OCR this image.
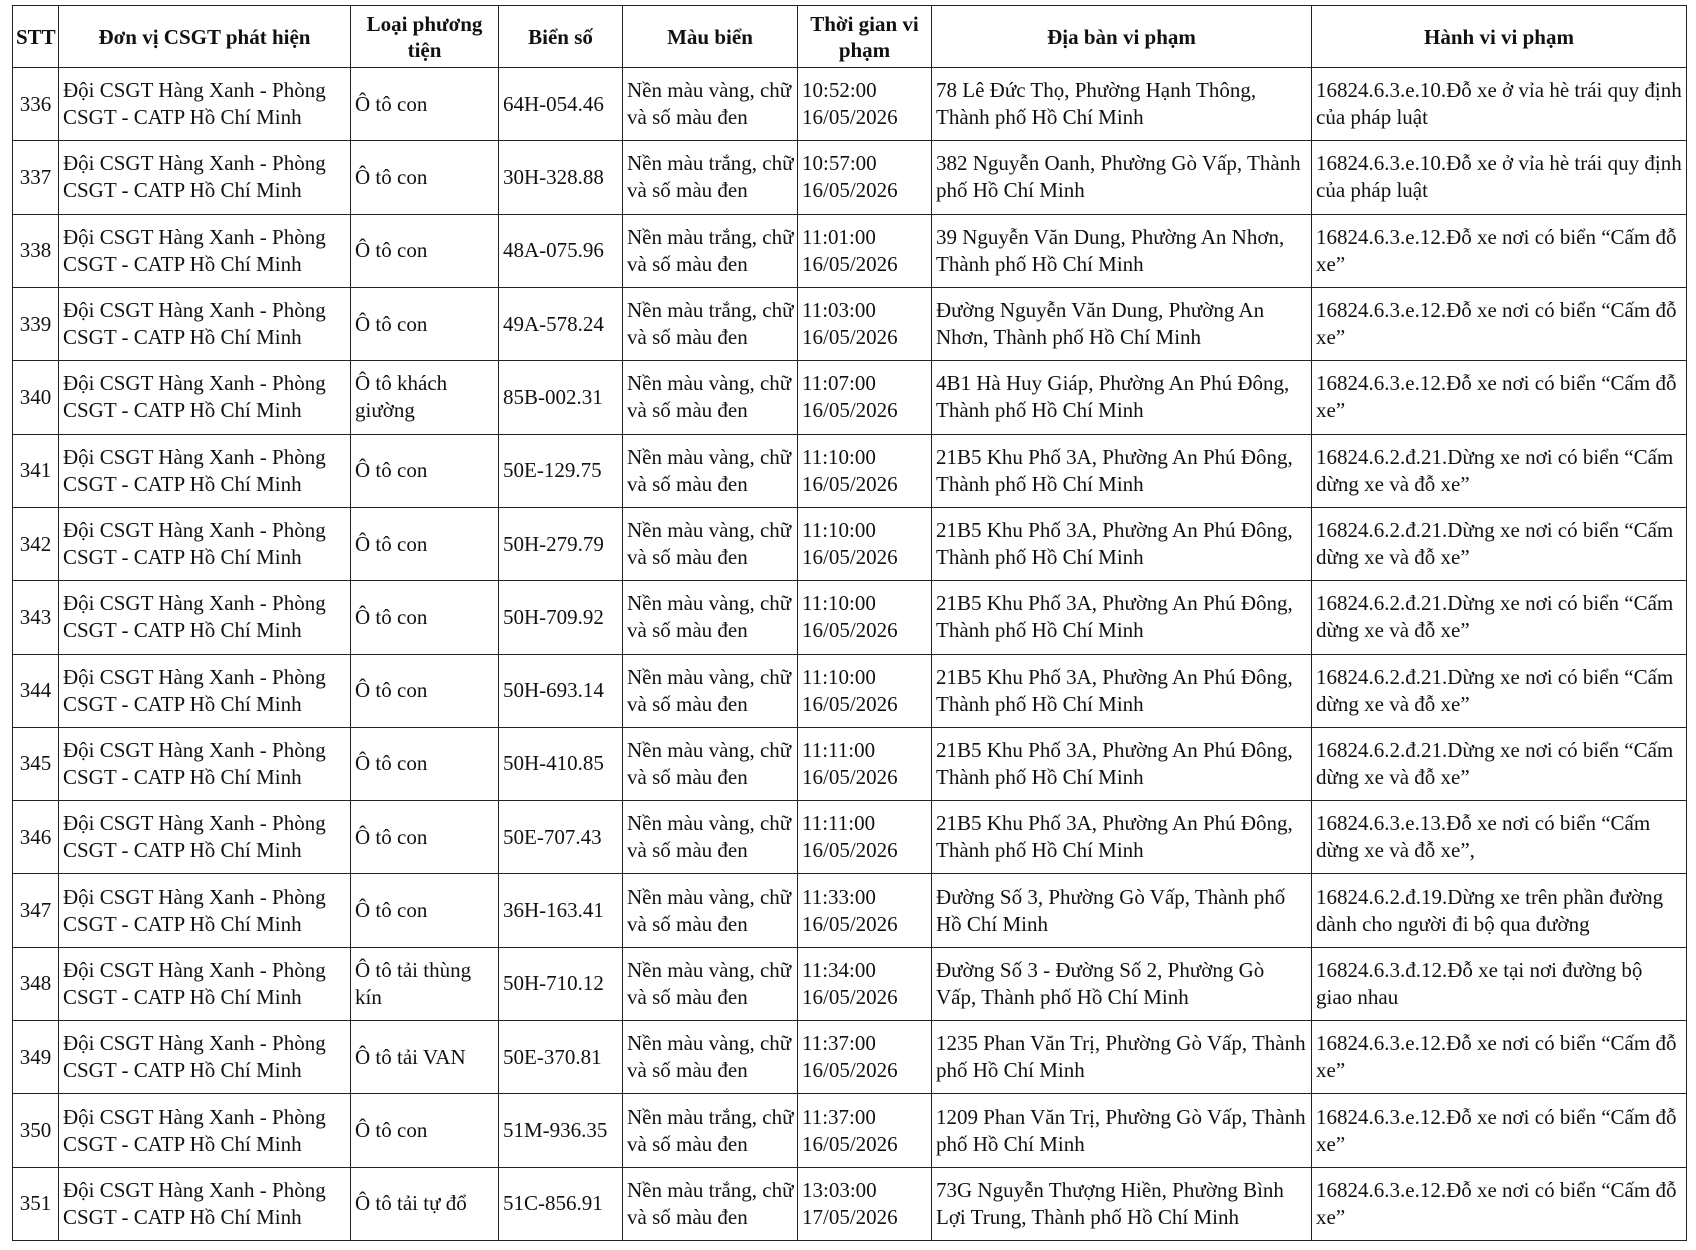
STT	Đơn vị CSGT phát hiện	Loại phương tiện	Biển số	Màu biển	Thời gian vi phạm	Địa bàn vi phạm	Hành vi vi phạm
336	Đội CSGT Hàng Xanh - Phòng CSGT - CATP Hồ Chí Minh	Ô tô con	64H-054.46	Nền màu vàng, chữ và số màu đen	10:52:00 16/05/2026	78 Lê Đức Thọ, Phường Hạnh Thông, Thành phố Hồ Chí Minh	16824.6.3.e.10.Đỗ xe ở vỉa hè trái quy định của pháp luật
337	Đội CSGT Hàng Xanh - Phòng CSGT - CATP Hồ Chí Minh	Ô tô con	30H-328.88	Nền màu trắng, chữ và số màu đen	10:57:00 16/05/2026	382 Nguyễn Oanh, Phường Gò Vấp, Thành phố Hồ Chí Minh	16824.6.3.e.10.Đỗ xe ở vỉa hè trái quy định của pháp luật
338	Đội CSGT Hàng Xanh - Phòng CSGT - CATP Hồ Chí Minh	Ô tô con	48A-075.96	Nền màu trắng, chữ và số màu đen	11:01:00 16/05/2026	39 Nguyễn Văn Dung, Phường An Nhơn, Thành phố Hồ Chí Minh	16824.6.3.e.12.Đỗ xe nơi có biển “Cấm đỗ xe”
339	Đội CSGT Hàng Xanh - Phòng CSGT - CATP Hồ Chí Minh	Ô tô con	49A-578.24	Nền màu trắng, chữ và số màu đen	11:03:00 16/05/2026	Đường Nguyễn Văn Dung, Phường An Nhơn, Thành phố Hồ Chí Minh	16824.6.3.e.12.Đỗ xe nơi có biển “Cấm đỗ xe”
340	Đội CSGT Hàng Xanh - Phòng CSGT - CATP Hồ Chí Minh	Ô tô khách giường	85B-002.31	Nền màu vàng, chữ và số màu đen	11:07:00 16/05/2026	4B1 Hà Huy Giáp, Phường An Phú Đông, Thành phố Hồ Chí Minh	16824.6.3.e.12.Đỗ xe nơi có biển “Cấm đỗ xe”
341	Đội CSGT Hàng Xanh - Phòng CSGT - CATP Hồ Chí Minh	Ô tô con	50E-129.75	Nền màu vàng, chữ và số màu đen	11:10:00 16/05/2026	21B5 Khu Phố 3A, Phường An Phú Đông, Thành phố Hồ Chí Minh	16824.6.2.đ.21.Dừng xe nơi có biển “Cấm dừng xe và đỗ xe”
342	Đội CSGT Hàng Xanh - Phòng CSGT - CATP Hồ Chí Minh	Ô tô con	50H-279.79	Nền màu vàng, chữ và số màu đen	11:10:00 16/05/2026	21B5 Khu Phố 3A, Phường An Phú Đông, Thành phố Hồ Chí Minh	16824.6.2.đ.21.Dừng xe nơi có biển “Cấm dừng xe và đỗ xe”
343	Đội CSGT Hàng Xanh - Phòng CSGT - CATP Hồ Chí Minh	Ô tô con	50H-709.92	Nền màu vàng, chữ và số màu đen	11:10:00 16/05/2026	21B5 Khu Phố 3A, Phường An Phú Đông, Thành phố Hồ Chí Minh	16824.6.2.đ.21.Dừng xe nơi có biển “Cấm dừng xe và đỗ xe”
344	Đội CSGT Hàng Xanh - Phòng CSGT - CATP Hồ Chí Minh	Ô tô con	50H-693.14	Nền màu vàng, chữ và số màu đen	11:10:00 16/05/2026	21B5 Khu Phố 3A, Phường An Phú Đông, Thành phố Hồ Chí Minh	16824.6.2.đ.21.Dừng xe nơi có biển “Cấm dừng xe và đỗ xe”
345	Đội CSGT Hàng Xanh - Phòng CSGT - CATP Hồ Chí Minh	Ô tô con	50H-410.85	Nền màu vàng, chữ và số màu đen	11:11:00 16/05/2026	21B5 Khu Phố 3A, Phường An Phú Đông, Thành phố Hồ Chí Minh	16824.6.2.đ.21.Dừng xe nơi có biển “Cấm dừng xe và đỗ xe”
346	Đội CSGT Hàng Xanh - Phòng CSGT - CATP Hồ Chí Minh	Ô tô con	50E-707.43	Nền màu vàng, chữ và số màu đen	11:11:00 16/05/2026	21B5 Khu Phố 3A, Phường An Phú Đông, Thành phố Hồ Chí Minh	16824.6.3.e.13.Đỗ xe nơi có biển “Cấm dừng xe và đỗ xe”,
347	Đội CSGT Hàng Xanh - Phòng CSGT - CATP Hồ Chí Minh	Ô tô con	36H-163.41	Nền màu vàng, chữ và số màu đen	11:33:00 16/05/2026	Đường Số 3, Phường Gò Vấp, Thành phố Hồ Chí Minh	16824.6.2.đ.19.Dừng xe trên phần đường dành cho người đi bộ qua đường
348	Đội CSGT Hàng Xanh - Phòng CSGT - CATP Hồ Chí Minh	Ô tô tải thùng kín	50H-710.12	Nền màu vàng, chữ và số màu đen	11:34:00 16/05/2026	Đường Số 3 - Đường Số 2, Phường Gò Vấp, Thành phố Hồ Chí Minh	16824.6.3.đ.12.Đỗ xe tại nơi đường bộ giao nhau
349	Đội CSGT Hàng Xanh - Phòng CSGT - CATP Hồ Chí Minh	Ô tô tải VAN	50E-370.81	Nền màu vàng, chữ và số màu đen	11:37:00 16/05/2026	1235 Phan Văn Trị, Phường Gò Vấp, Thành phố Hồ Chí Minh	16824.6.3.e.12.Đỗ xe nơi có biển “Cấm đỗ xe”
350	Đội CSGT Hàng Xanh - Phòng CSGT - CATP Hồ Chí Minh	Ô tô con	51M-936.35	Nền màu trắng, chữ và số màu đen	11:37:00 16/05/2026	1209 Phan Văn Trị, Phường Gò Vấp, Thành phố Hồ Chí Minh	16824.6.3.e.12.Đỗ xe nơi có biển “Cấm đỗ xe”
351	Đội CSGT Hàng Xanh - Phòng CSGT - CATP Hồ Chí Minh	Ô tô tải tự đổ	51C-856.91	Nền màu trắng, chữ và số màu đen	13:03:00 17/05/2026	73G Nguyễn Thượng Hiền, Phường Bình Lợi Trung, Thành phố Hồ Chí Minh	16824.6.3.e.12.Đỗ xe nơi có biển “Cấm đỗ xe”
